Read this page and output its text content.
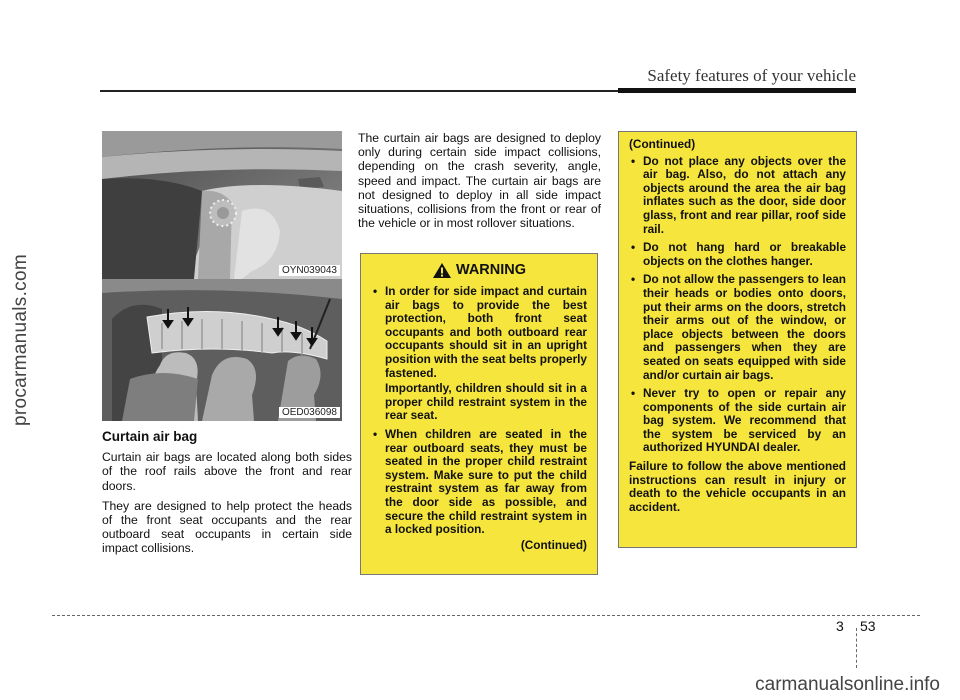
Safety features of your vehicle
procarmanuals.com	OYN039043
OED036098
Curtain air bag

Curtain air bags are located along both sides of the roof rails above the front and rear doors.

They are designed to help protect the heads of the front seat occupants and the rear outboard seat occupants in certain side impact collisions.

The curtain air bags are designed to deploy only during certain side impact collisions, depending on the crash severity, angle, speed and impact. The curtain air bags are not designed to deploy in all side impact situations, collisions from the front or rear of the vehicle or in most rollover situations.

WARNING
• In order for side impact and curtain air bags to provide the best protection, both front seat occupants and both outboard rear occupants should sit in an upright position with the seat belts properly fastened.

Importantly, children should sit in a proper child restraint system in the rear seat.

• When children are seated in the rear outboard seats, they must be seated in the proper child restraint system. Make sure to put the child restraint system as far away from the door side as possible, and secure the child restraint system in a locked position.
(Continued)
(Continued)
• Do not place any objects over the air bag. Also, do not attach any objects around the area the air bag inflates such as the door, side door glass, front and rear pillar, roof side rail.
• Do not hang hard or breakable objects on the clothes hanger.
• Do not allow the passengers to lean their heads or bodies onto doors, put their arms on the doors, stretch their arms out of the window, or place objects between the doors and passengers when they are seated on seats equipped with side and/or curtain air bags.
• Never try to open or repair any components of the side curtain air bag system. We recommend that the system be serviced by an authorized HYUNDAI dealer.

Failure to follow the above mentioned instructions can result in injury or death to the vehicle occupants in an accident.

3 53
carmanualsonline.info
